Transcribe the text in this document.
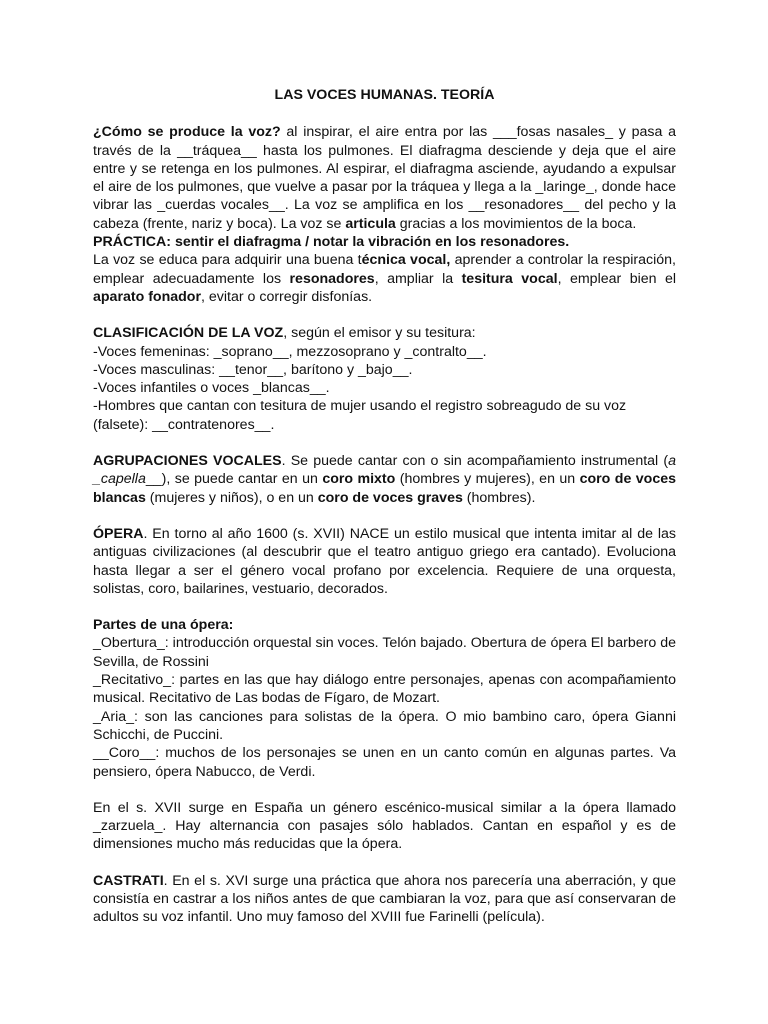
LAS VOCES HUMANAS. TEORÍA

¿Cómo se produce la voz? al inspirar, el aire entra por las ___fosas nasales_ y pasa a través de la __tráquea__ hasta los pulmones. El diafragma desciende y deja que el aire entre y se retenga en los pulmones. Al espirar, el diafragma asciende, ayudando a expulsar el aire de los pulmones, que vuelve a pasar por la tráquea y llega a la _laringe_, donde hace vibrar las _cuerdas vocales__. La voz se amplifica en los __resonadores__ del pecho y la cabeza (frente, nariz y boca). La voz se articula gracias a los movimientos de la boca.

PRÁCTICA: sentir el diafragma / notar la vibración en los resonadores.

La voz se educa para adquirir una buena técnica vocal, aprender a controlar la respiración, emplear adecuadamente los resonadores, ampliar la tesitura vocal, emplear bien el aparato fonador, evitar o corregir disfonías.

CLASIFICACIÓN DE LA VOZ, según el emisor y su tesitura:

-Voces femeninas: _soprano__, mezzosoprano y _contralto__.

-Voces masculinas: __tenor__, barítono y _bajo__.

-Voces infantiles o voces _blancas__.

-Hombres que cantan con tesitura de mujer usando el registro sobreagudo de su voz (falsete): __contratenores__.

AGRUPACIONES VOCALES. Se puede cantar con o sin acompañamiento instrumental (a _capella__), se puede cantar en un coro mixto (hombres y mujeres), en un coro de voces blancas (mujeres y niños), o en un coro de voces graves (hombres).

ÓPERA. En torno al año 1600 (s. XVII) NACE un estilo musical que intenta imitar al de las antiguas civilizaciones (al descubrir que el teatro antiguo griego era cantado). Evoluciona hasta llegar a ser el género vocal profano por excelencia. Requiere de una orquesta, solistas, coro, bailarines, vestuario, decorados.

Partes de una ópera:

_Obertura_: introducción orquestal sin voces. Telón bajado. Obertura de ópera El barbero de Sevilla, de Rossini

_Recitativo_: partes en las que hay diálogo entre personajes, apenas con acompañamiento musical. Recitativo de Las bodas de Fígaro, de Mozart.

_Aria_: son las canciones para solistas de la ópera. O mio bambino caro, ópera Gianni Schicchi, de Puccini.

__Coro__: muchos de los personajes se unen en un canto común en algunas partes. Va pensiero, ópera Nabucco, de Verdi.

En el s. XVII surge en España un género escénico-musical similar a la ópera llamado _zarzuela_. Hay alternancia con pasajes sólo hablados. Cantan en español y es de dimensiones mucho más reducidas que la ópera.

CASTRATI. En el s. XVI surge una práctica que ahora nos parecería una aberración, y que consistía en castrar a los niños antes de que cambiaran la voz, para que así conservaran de adultos su voz infantil. Uno muy famoso del XVIII fue Farinelli (película).
